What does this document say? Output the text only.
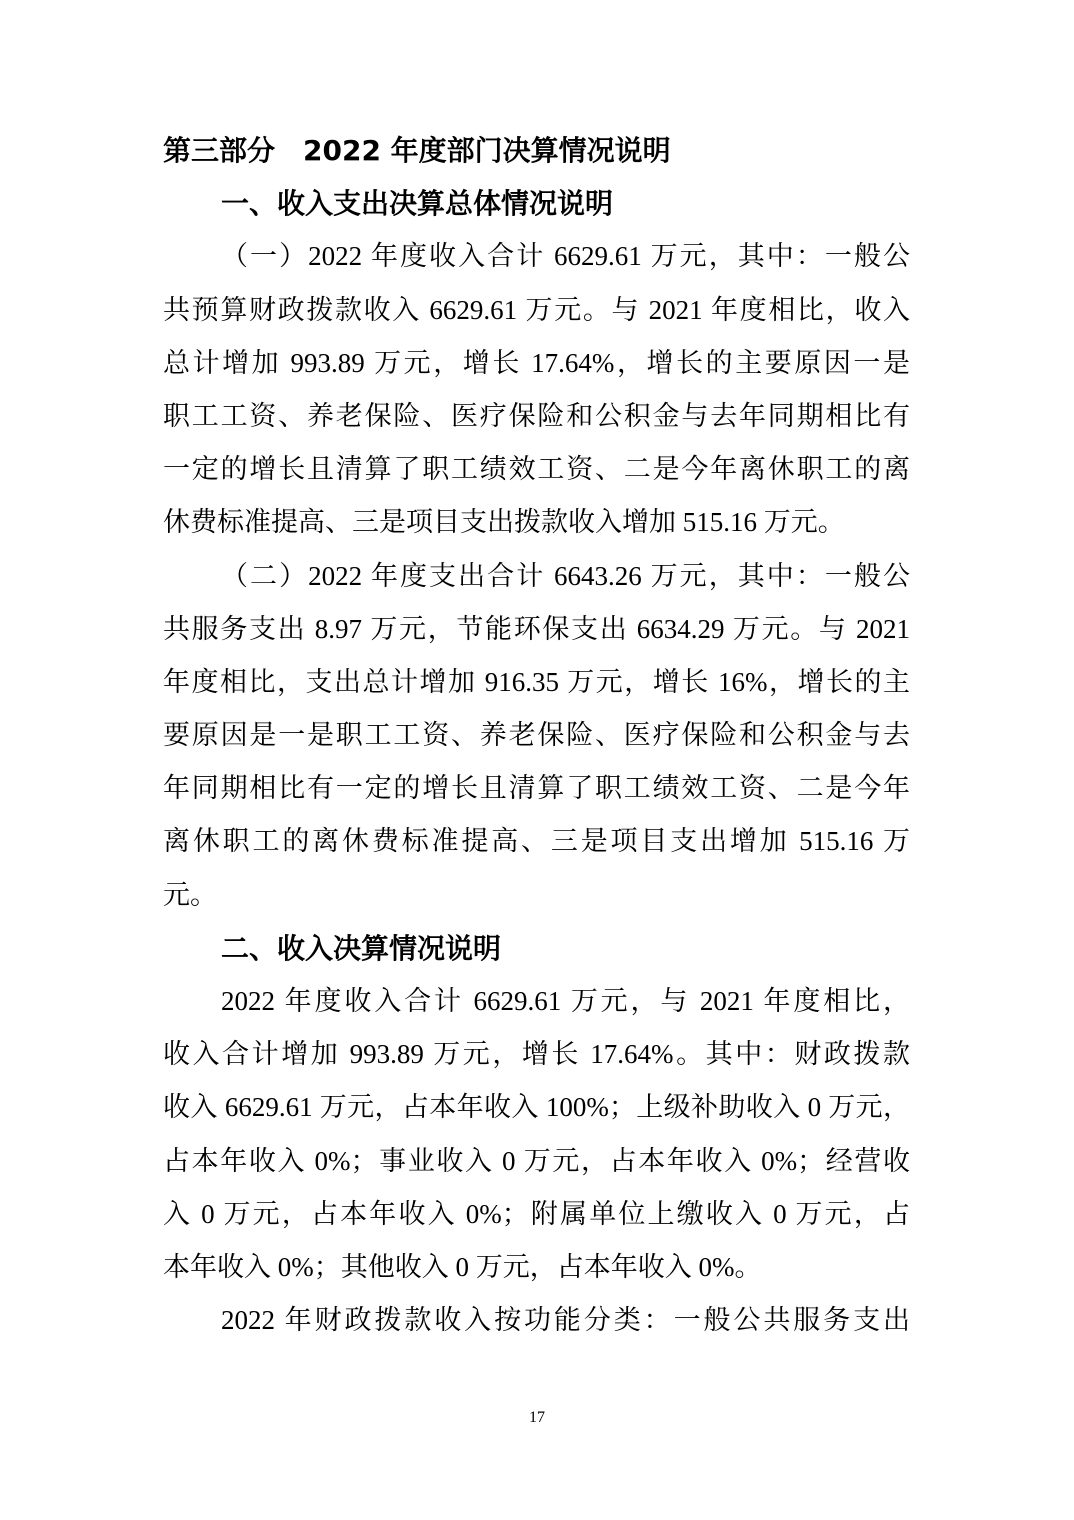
第三部分　2022 年度部门决算情况说明
一、收入支出决算总体情况说明
（一）2022 年度收入合计 6629.61 万元，其中：一般公
共预算财政拨款收入 6629.61 万元。与 2021 年度相比，收入
总计增加 993.89 万元，增长 17.64%，增长的主要原因一是
职工工资、养老保险、医疗保险和公积金与去年同期相比有
一定的增长且清算了职工绩效工资、二是今年离休职工的离
休费标准提高、三是项目支出拨款收入增加 515.16 万元。
（二）2022 年度支出合计 6643.26 万元，其中：一般公
共服务支出 8.97 万元，节能环保支出 6634.29 万元。与 2021
年度相比，支出总计增加 916.35 万元，增长 16%，增长的主
要原因是一是职工工资、养老保险、医疗保险和公积金与去
年同期相比有一定的增长且清算了职工绩效工资、二是今年
离休职工的离休费标准提高、三是项目支出增加 515.16 万
元。
二、收入决算情况说明
2022 年度收入合计 6629.61 万元，与 2021 年度相比，
收入合计增加 993.89 万元，增长 17.64%。其中：财政拨款
收入 6629.61 万元，占本年收入 100%；上级补助收入 0 万元，
占本年收入 0%；事业收入 0 万元，占本年收入 0%；经营收
入 0 万元，占本年收入 0%；附属单位上缴收入 0 万元，占
本年收入 0%；其他收入 0 万元，占本年收入 0%。
2022 年财政拨款收入按功能分类：一般公共服务支出
17
